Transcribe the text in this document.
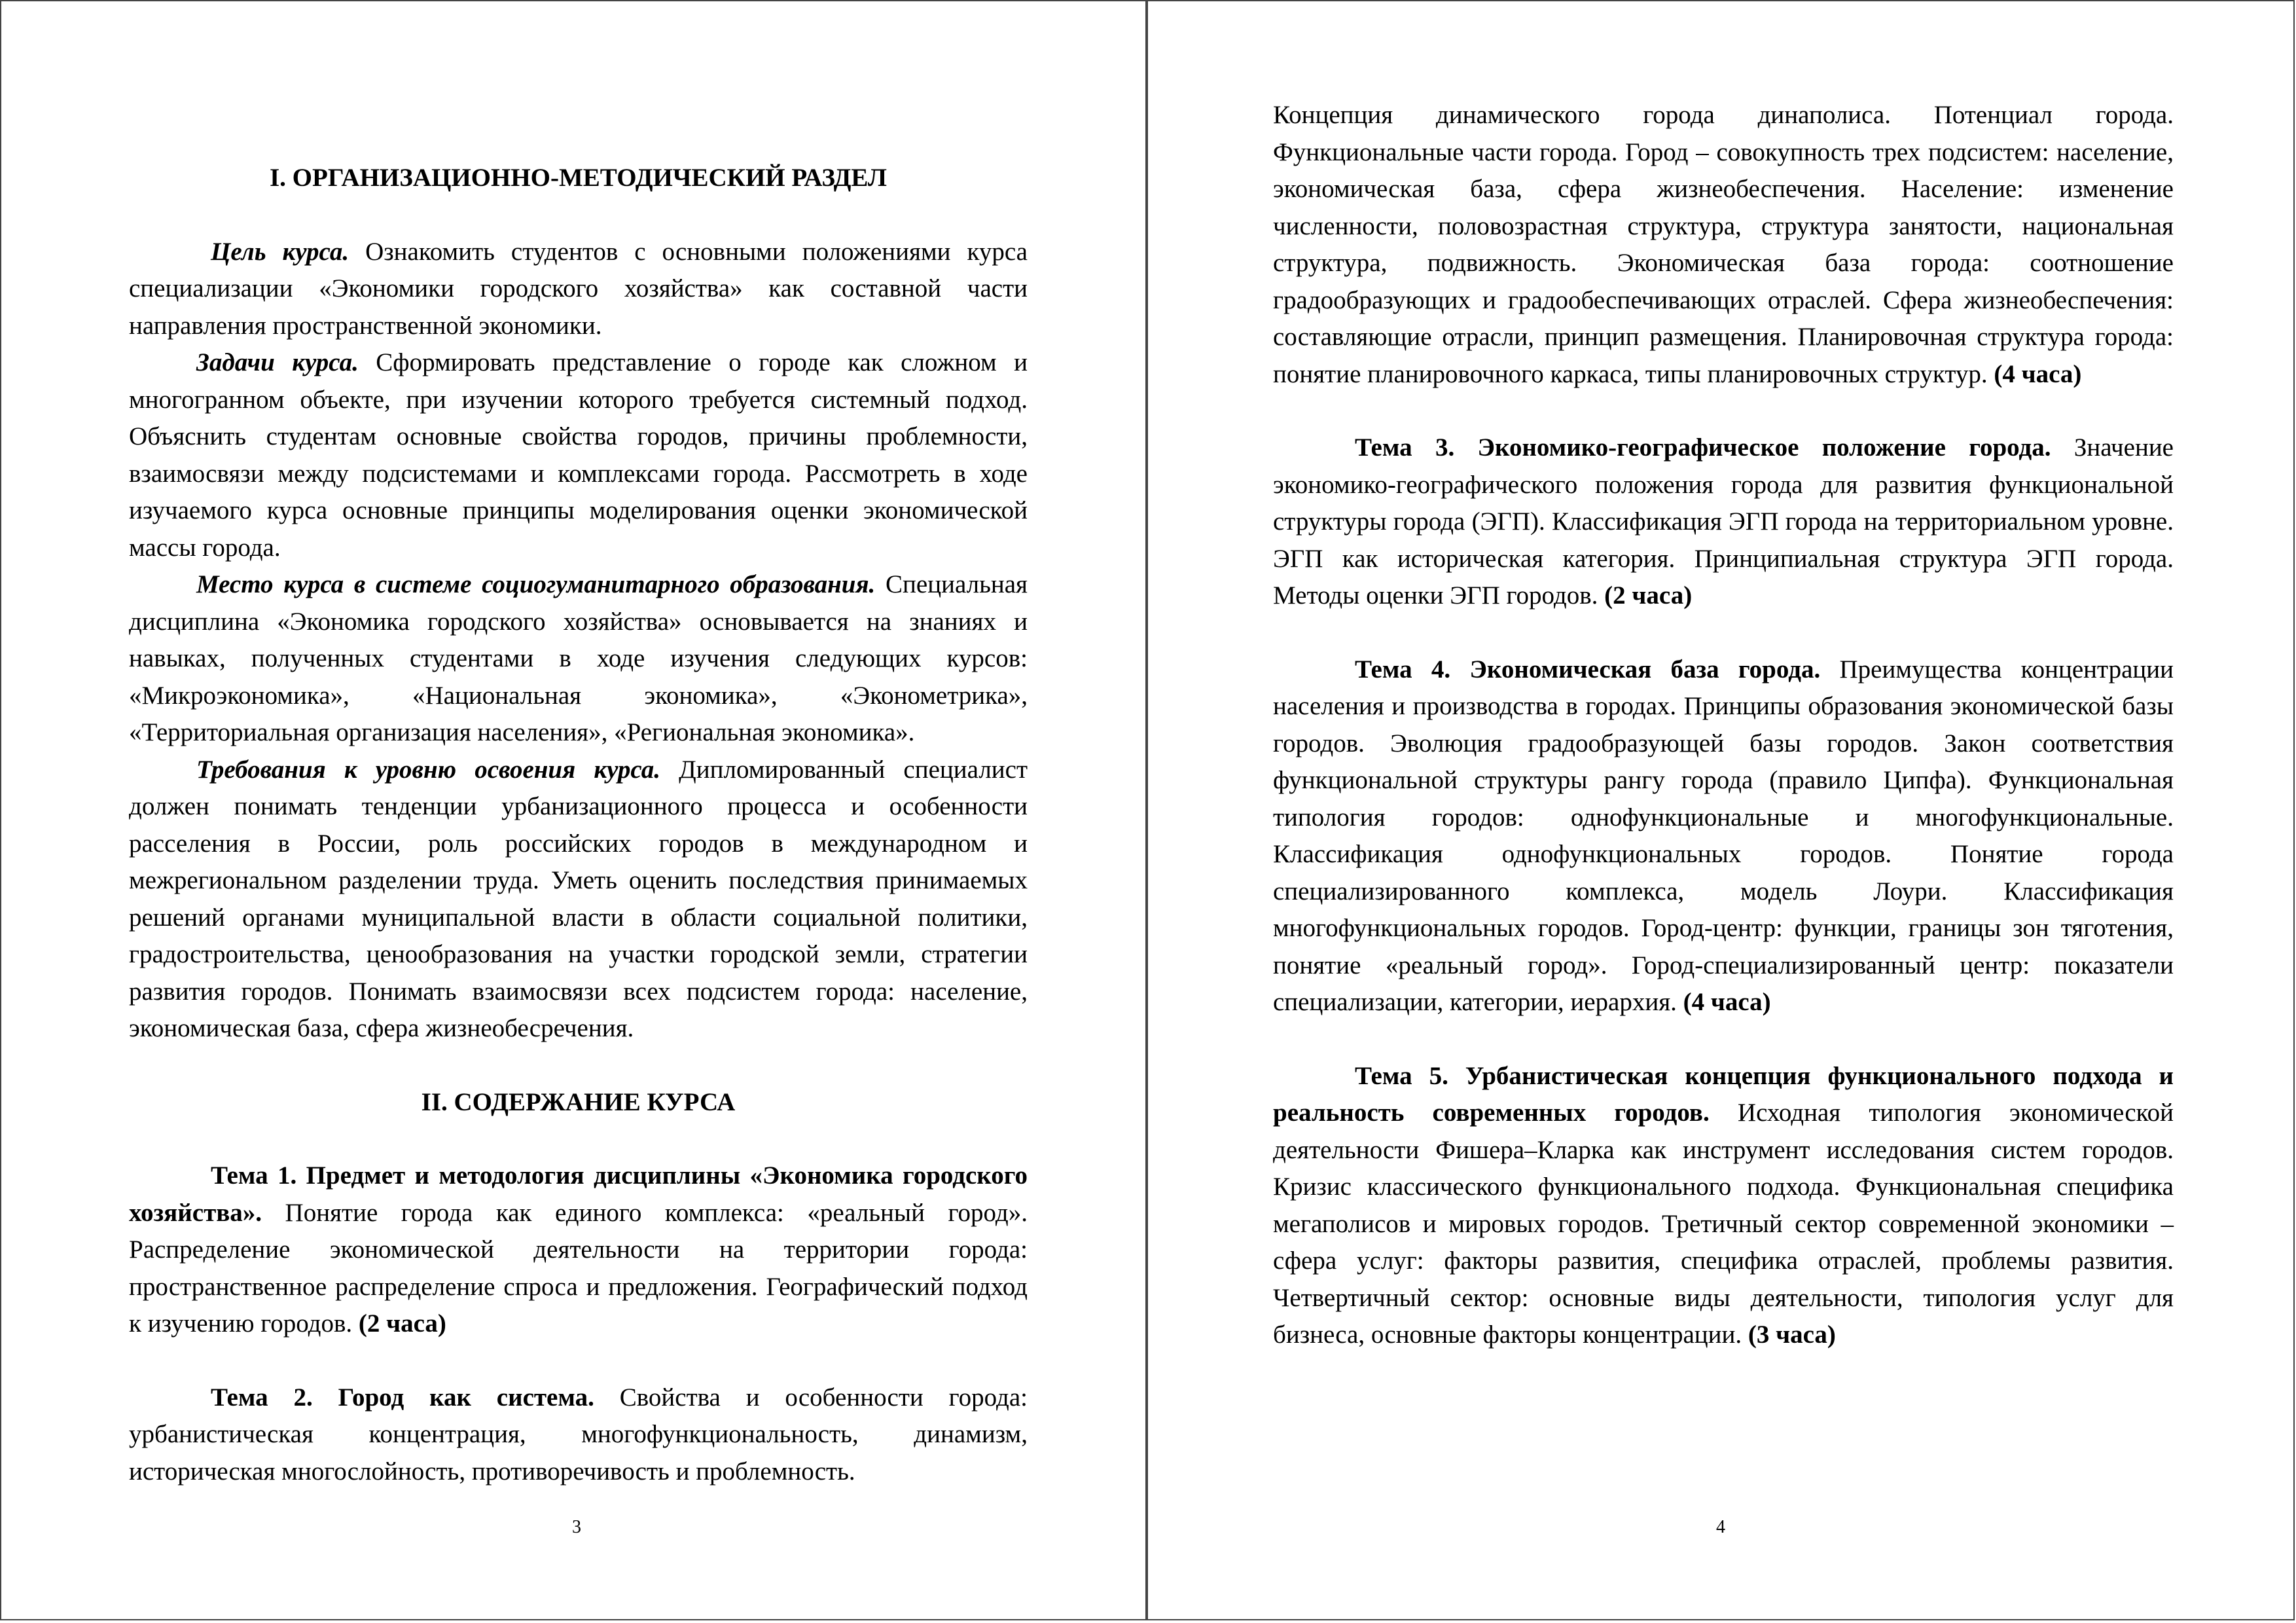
I. ОРГАНИЗАЦИОННО-МЕТОДИЧЕСКИЙ РАЗДЕЛ

Цель курса. Ознакомить студентов с основными положениями курса специализации «Экономики городского хозяйства» как составной части направления пространственной экономики.

Задачи курса. Сформировать представление о городе как сложном и многогранном объекте, при изучении которого требуется системный подход. Объяснить студентам основные свойства городов, причины проблемности, взаимосвязи между подсистемами и комплексами города. Рассмотреть в ходе изучаемого курса основные принципы моделирования оценки экономической массы города.

Место курса в системе социогуманитарного образования. Специальная дисциплина «Экономика городского хозяйства» основывается на знаниях и навыках, полученных студентами в ходе изучения следующих курсов: «Микроэкономика», «Национальная экономика», «Эконометрика», «Территориальная организация населения», «Региональная экономика».

Требования к уровню освоения курса. Дипломированный специалист должен понимать тенденции урбанизационного процесса и особенности расселения в России, роль российских городов в международном и межрегиональном разделении труда. Уметь оценить последствия принимаемых решений органами муниципальной власти в области социальной политики, градостроительства, ценообразования на участки городской земли, стратегии развития городов. Понимать взаимосвязи всех подсистем города: население, экономическая база, сфера жизнеобесречения.

II. СОДЕРЖАНИЕ КУРСА

Тема 1. Предмет и методология дисциплины «Экономика городского хозяйства». Понятие города как единого комплекса: «реальный город». Распределение экономической деятельности на территории города: пространственное распределение спроса и предложения. Географический подход к изучению городов. (2 часа)

Тема 2. Город как система. Свойства и особенности города: урбанистическая концентрация, многофункциональность, динамизм, историческая многослойность, противоречивость и проблемность.

3

Концепция динамического города динаполиса. Потенциал города. Функциональные части города. Город – совокупность трех подсистем: население, экономическая база, сфера жизнеобеспечения. Население: изменение численности, половозрастная структура, структура занятости, национальная структура, подвижность. Экономическая база города: соотношение градообразующих и градообеспечивающих отраслей. Сфера жизнеобеспечения: составляющие отрасли, принцип размещения. Планировочная структура города: понятие планировочного каркаса, типы планировочных структур. (4 часа)

Тема 3. Экономико-географическое положение города. Значение экономико-географического положения города для развития функциональной структуры города (ЭГП). Классификация ЭГП города на территориальном уровне. ЭГП как историческая категория. Принципиальная структура ЭГП города. Методы оценки ЭГП городов. (2 часа)

Тема 4. Экономическая база города. Преимущества концентрации населения и производства в городах. Принципы образования экономической базы городов. Эволюция градообразующей базы городов. Закон соответствия функциональной структуры рангу города (правило Ципфа). Функциональная типология городов: однофункциональные и многофункциональные. Классификация однофункциональных городов. Понятие города специализированного комплекса, модель Лоури. Классификация многофункциональных городов. Город-центр: функции, границы зон тяготения, понятие «реальный город». Город-специализированный центр: показатели специализации, категории, иерархия. (4 часа)

Тема 5. Урбанистическая концепция функционального подхода и реальность современных городов. Исходная типология экономической деятельности Фишера–Кларка как инструмент исследования систем городов. Кризис классического функционального подхода. Функциональная специфика мегаполисов и мировых городов. Третичный сектор современной экономики – сфера услуг: факторы развития, специфика отраслей, проблемы развития. Четвертичный сектор: основные виды деятельности, типология услуг для бизнеса, основные факторы концентрации. (3 часа)

4
